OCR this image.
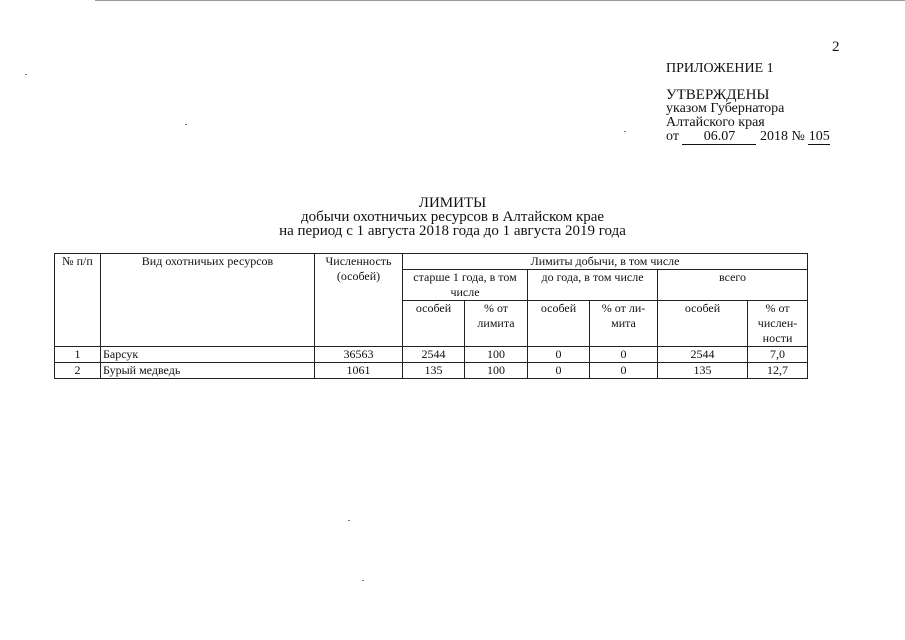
2
ПРИЛОЖЕНИЕ 1
УТВЕРЖДЕНЫ
указом Губернатора
Алтайского края
от 06.07 2018 № 105
ЛИМИТЫ
добычи охотничьих ресурсов в Алтайском крае
на период с 1 августа 2018 года до 1 августа 2019 года
№ п/п	Вид охотничьих ресурсов	Численность (особей)	Лимиты добычи, в том числе					
			старше 1 года, в том числе		до года, в том числе		всего	
			особей	% от лимита	особей	% от ли- мита	особей	% от числен- ности
1	Барсук	36563	2544	100	0	0	2544	7,0
2	Бурый медведь	1061	135	100	0	0	135	12,7
